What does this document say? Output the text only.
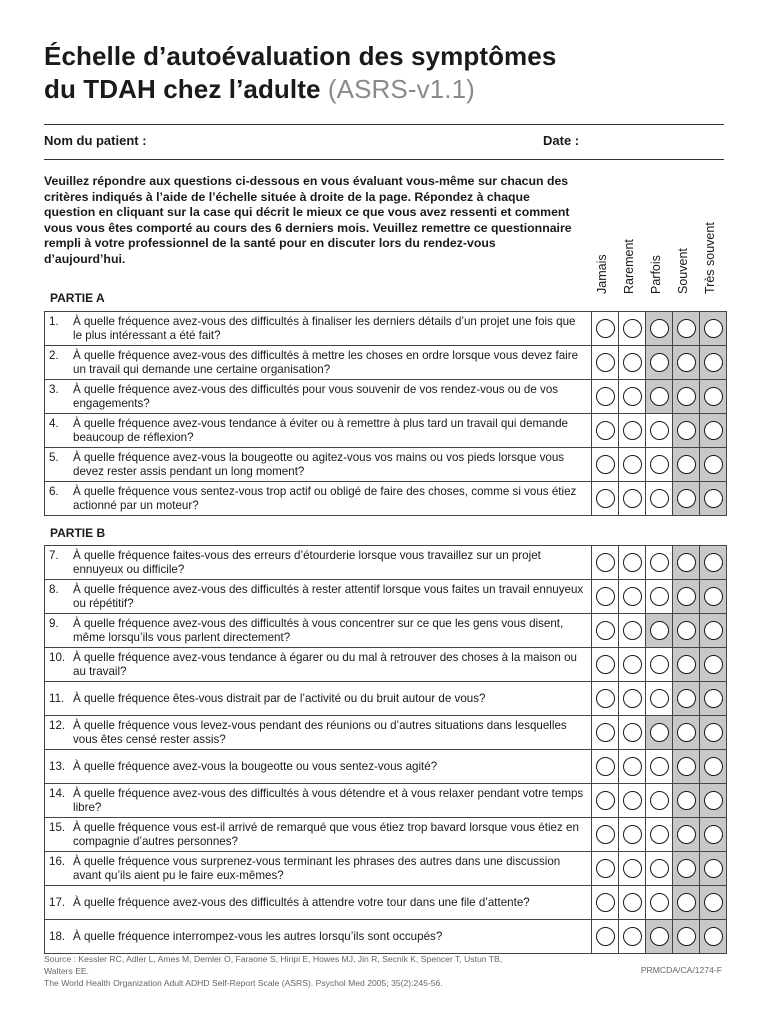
Échelle d’autoévaluation des symptômes
du TDAH chez l’adulte (ASRS-v1.1)
Nom du patient :	Date :
Veuillez répondre aux questions ci-dessous en vous évaluant vous-même sur chacun des critères indiqués à l’aide de l’échelle située à droite de la page. Répondez à chaque question en cliquant sur la case qui décrit le mieux ce que vous avez ressenti et comment vous vous êtes comporté au cours des 6 derniers mois. Veuillez remettre ce questionnaire rempli à votre professionnel de la santé pour en discuter lors du rendez-vous d’aujourd’hui.	Jamais Rarement Parfois Souvent Très souvent
PARTIE A
1. À quelle fréquence avez-vous des difficultés à finaliser les derniers détails d’un projet une fois que le plus intéressant a été fait?					

2. À quelle fréquence avez-vous des difficultés à mettre les choses en ordre lorsque vous devez faire un travail qui demande une certaine organisation?					

3. À quelle fréquence avez-vous des difficultés pour vous souvenir de vos rendez-vous ou de vos engagements?					

4. À quelle fréquence avez-vous tendance à éviter ou à remettre à plus tard un travail qui demande beaucoup de réflexion?					

5. À quelle fréquence avez-vous la bougeotte ou agitez-vous vos mains ou vos pieds lorsque vous devez rester assis pendant un long moment?					

6. À quelle fréquence vous sentez-vous trop actif ou obligé de faire des choses, comme si vous étiez actionné par un moteur?					

PARTIE B
7. À quelle fréquence faites-vous des erreurs d’étourderie lorsque vous travaillez sur un projet ennuyeux ou difficile?					

8. À quelle fréquence avez-vous des difficultés à rester attentif lorsque vous faites un travail ennuyeux ou répétitif?					

9. À quelle fréquence avez-vous des difficultés à vous concentrer sur ce que les gens vous disent, même lorsqu’ils vous parlent directement?					

10. À quelle fréquence avez-vous tendance à égarer ou du mal à retrouver des choses à la maison ou au travail?					

11. À quelle fréquence êtes-vous distrait par de l’activité ou du bruit autour de vous?					

12. À quelle fréquence vous levez-vous pendant des réunions ou d’autres situations dans lesquelles vous êtes censé rester assis?					

13. À quelle fréquence avez-vous la bougeotte ou vous sentez-vous agité?					

14. À quelle fréquence avez-vous des difficultés à vous détendre et à vous relaxer pendant votre temps libre?					

15. À quelle fréquence vous est-il arrivé de remarqué que vous étiez trop bavard lorsque vous étiez en compagnie d’autres personnes?					

16. À quelle fréquence vous surprenez-vous terminant les phrases des autres dans une discussion avant qu’ils aient pu le faire eux-mêmes?					

17. À quelle fréquence avez-vous des difficultés à attendre votre tour dans une file d’attente?					

18. À quelle fréquence interrompez-vous les autres lorsqu’ils sont occupés?					

Source : Kessler RC, Adler L, Ames M, Demler O, Faraone S, Hiripi E, Howes MJ, Jin R, Secnik K, Spencer T, Ustun TB, Walters EE.
The World Health Organization Adult ADHD Self-Report Scale (ASRS). Psychol Med 2005; 35(2):245-56.
PRMCDA/CA/1274-F
